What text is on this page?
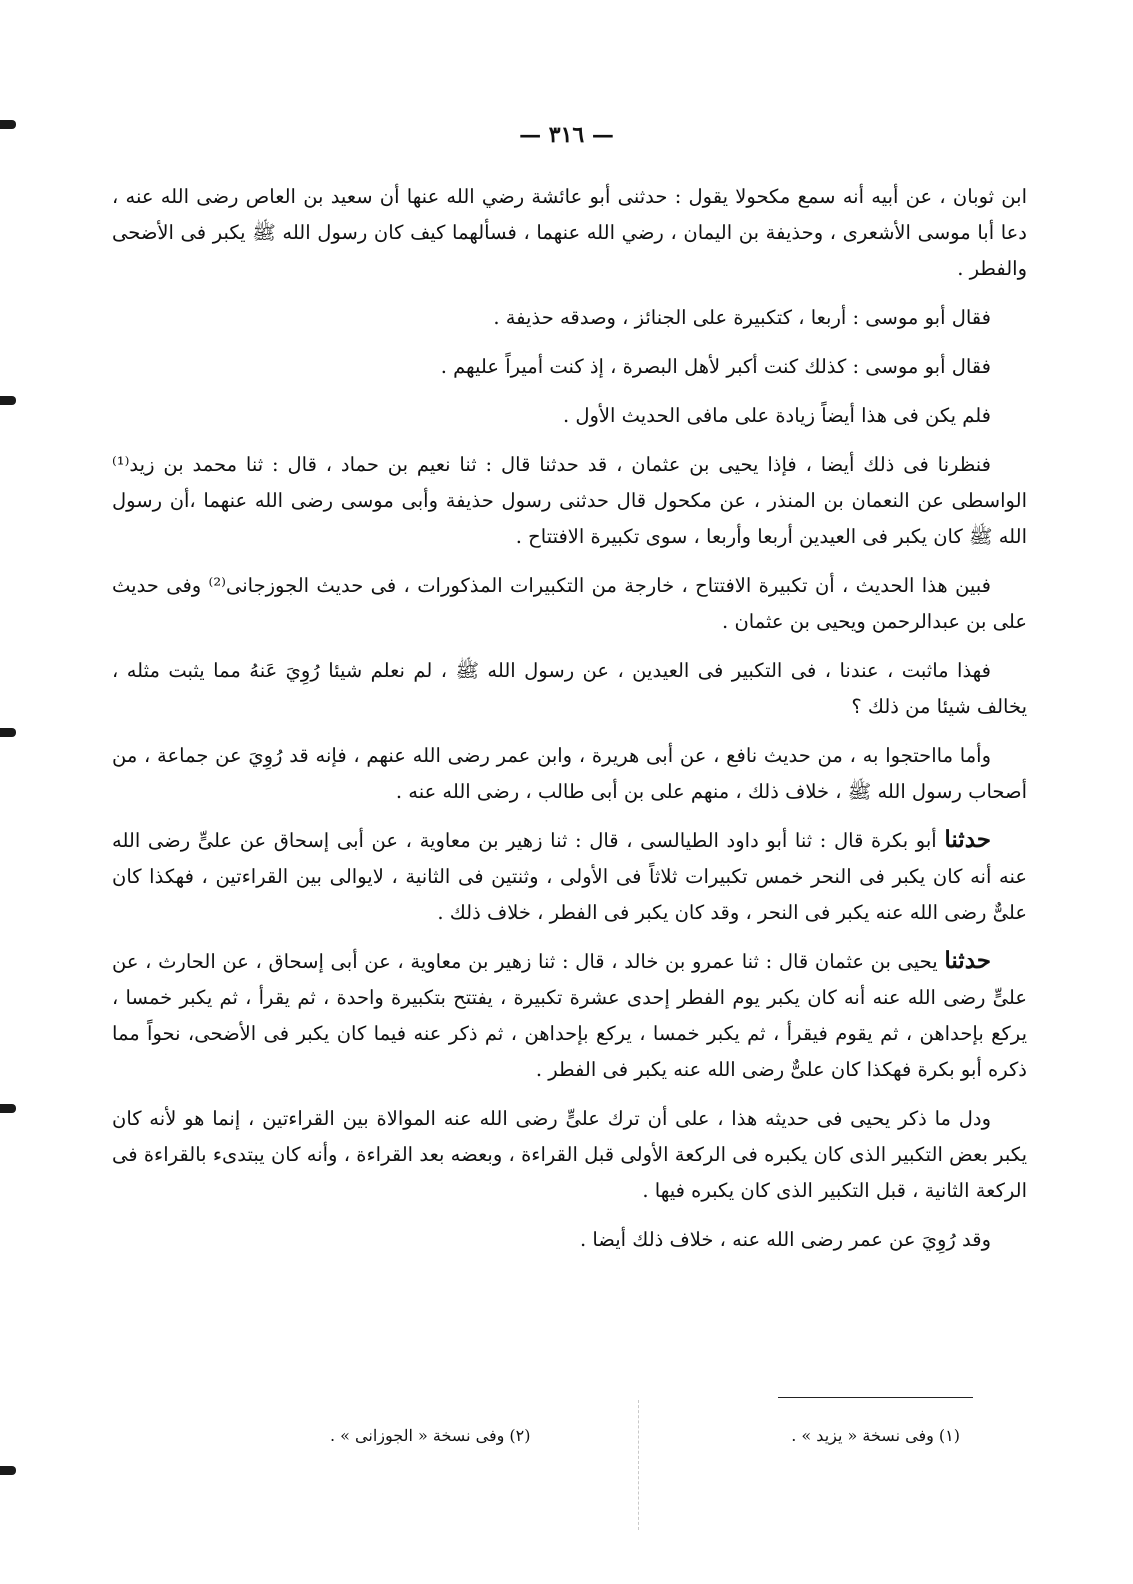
— ٣١٦ —

ابن ثوبان ، عن أبيه أنه سمع مكحولا يقول : حدثنى أبو عائشة رضي الله عنها أن سعيد بن العاص رضى الله عنه ، دعا أبا موسى الأشعرى ، وحذيفة بن اليمان ، رضي الله عنهما ، فسألهما كيف كان رسول الله ﷺ يكبر فى الأضحى والفطر .

فقال أبو موسى : أربعا ، كتكبيرة على الجنائز ، وصدقه حذيفة .

فقال أبو موسى : كذلك كنت أكبر لأهل البصرة ، إذ كنت أميراً عليهم .

فلم يكن فى هذا أيضاً زيادة على مافى الحديث الأول .

فنظرنا فى ذلك أيضا ، فإذا يحيى بن عثمان ، قد حدثنا قال : ثنا نعيم بن حماد ، قال : ثنا محمد بن زيد⁽¹⁾ الواسطى عن النعمان بن المنذر ، عن مكحول قال حدثنى رسول حذيفة وأبى موسى رضى الله عنهما ،أن رسول الله ﷺ كان يكبر فى العيدين أربعا وأربعا ، سوى تكبيرة الافتتاح .

فبين هذا الحديث ، أن تكبيرة الافتتاح ، خارجة من التكبيرات المذكورات ، فى حديث الجوزجانى⁽²⁾ وفى حديث على بن عبدالرحمن ويحيى بن عثمان .

فهذا ماثبت ، عندنا ، فى التكبير فى العيدين ، عن رسول الله ﷺ ، لم نعلم شيئا رُوِيَ عَنهُ مما يثبت مثله ، يخالف شيئا من ذلك ؟

وأما مااحتجوا به ، من حديث نافع ، عن أبى هريرة ، وابن عمر رضى الله عنهم ، فإنه قد رُوِيَ عن جماعة ، من أصحاب رسول الله ﷺ ، خلاف ذلك ، منهم على بن أبى طالب ، رضى الله عنه .

حدثنا أبو بكرة قال : ثنا أبو داود الطيالسى ، قال : ثنا زهير بن معاوية ، عن أبى إسحاق عن علىٍّ رضى الله عنه أنه كان يكبر فى النحر خمس تكبيرات ثلاثاً فى الأولى ، وثنتين فى الثانية ، لايوالى بين القراءتين ، فهكذا كان علىٌّ رضى الله عنه يكبر فى النحر ، وقد كان يكبر فى الفطر ، خلاف ذلك .

حدثنا يحيى بن عثمان قال : ثنا عمرو بن خالد ، قال : ثنا زهير بن معاوية ، عن أبى إسحاق ، عن الحارث ، عن علىٍّ رضى الله عنه أنه كان يكبر يوم الفطر إحدى عشرة تكبيرة ، يفتتح بتكبيرة واحدة ، ثم يقرأ ، ثم يكبر خمسا ، يركع بإحداهن ، ثم يقوم فيقرأ ، ثم يكبر خمسا ، يركع بإحداهن ، ثم ذكر عنه فيما كان يكبر فى الأضحى، نحواً مما ذكره أبو بكرة فهكذا كان علىٌّ رضى الله عنه يكبر فى الفطر .

ودل ما ذكر يحيى فى حديثه هذا ، على أن ترك علىٍّ رضى الله عنه الموالاة بين القراءتين ، إنما هو لأنه كان يكبر بعض التكبير الذى كان يكبره فى الركعة الأولى قبل القراءة ، وبعضه بعد القراءة ، وأنه كان يبتدىء بالقراءة فى الركعة الثانية ، قبل التكبير الذى كان يكبره فيها .

وقد رُوِيَ عن عمر رضى الله عنه ، خلاف ذلك أيضا .

(١) وفى نسخة « يزيد » .
(٢) وفى نسخة « الجوزانى » .
